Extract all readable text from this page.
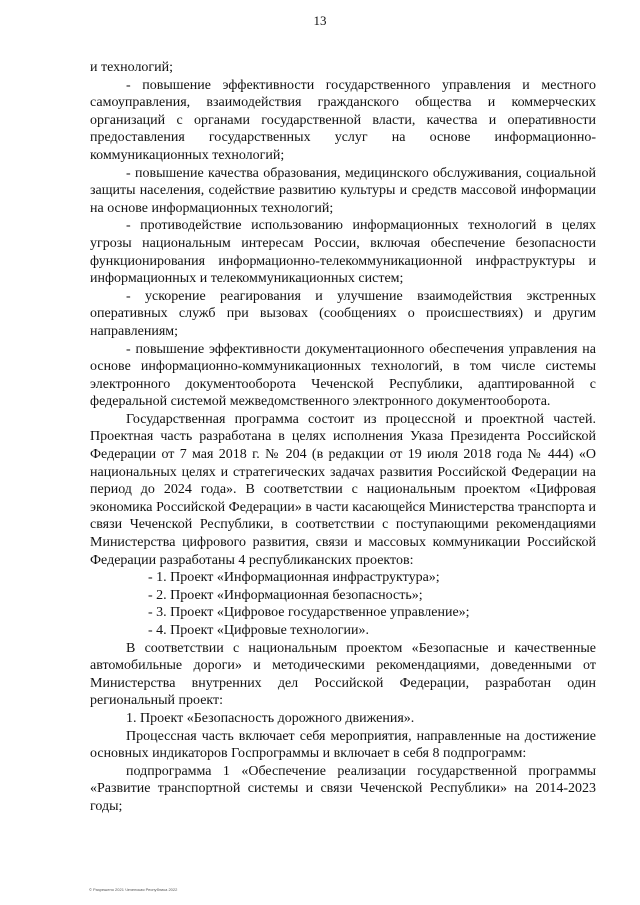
13

и технологий;

- повышение эффективности государственного управления и местного самоуправления, взаимодействия гражданского общества и коммерческих организаций с органами государственной власти, качества и оперативности предоставления государственных услуг на основе информационно-коммуникационных технологий;

- повышение качества образования, медицинского обслуживания, социальной защиты населения, содействие развитию культуры и средств массовой информации на основе информационных технологий;

- противодействие использованию информационных технологий в целях угрозы национальным интересам России, включая обеспечение безопасности функционирования информационно-телекоммуникационной инфраструктуры и информационных и телекоммуникационных систем;

- ускорение реагирования и улучшение взаимодействия экстренных оперативных служб при вызовах (сообщениях о происшествиях) и другим направлениям;

- повышение эффективности документационного обеспечения управления на основе информационно-коммуникационных технологий, в том числе системы электронного документооборота Чеченской Республики, адаптированной с федеральной системой межведомственного электронного документооборота.

Государственная программа состоит из процессной и проектной частей. Проектная часть разработана в целях исполнения Указа Президента Российской Федерации от 7 мая 2018 г. № 204 (в редакции от 19 июля 2018 года № 444) «О национальных целях и стратегических задачах развития Российской Федерации на период до 2024 года». В соответствии с национальным проектом «Цифровая экономика Российской Федерации» в части касающейся Министерства транспорта и связи Чеченской Республики, в соответствии с поступающими рекомендациями Министерства цифрового развития, связи и массовых коммуникации Российской Федерации разработаны 4 республиканских проектов:

- 1. Проект «Информационная инфраструктура»;

- 2. Проект «Информационная безопасность»;

- 3. Проект «Цифровое государственное управление»;

- 4. Проект «Цифровые технологии».

В соответствии с национальным проектом «Безопасные и качественные автомобильные дороги» и методическими рекомендациями, доведенными от Министерства внутренних дел Российской Федерации, разработан один региональный проект:

1. Проект «Безопасность дорожного движения».

Процессная часть включает себя мероприятия, направленные на достижение основных индикаторов Госпрограммы и включает в себя 8 подпрограмм:

подпрограмма 1 «Обеспечение реализации государственной программы «Развитие транспортной системы и связи Чеченской Республики» на 2014-2023 годы;

© Разрешено 2021 Чеченская Республика 2022
